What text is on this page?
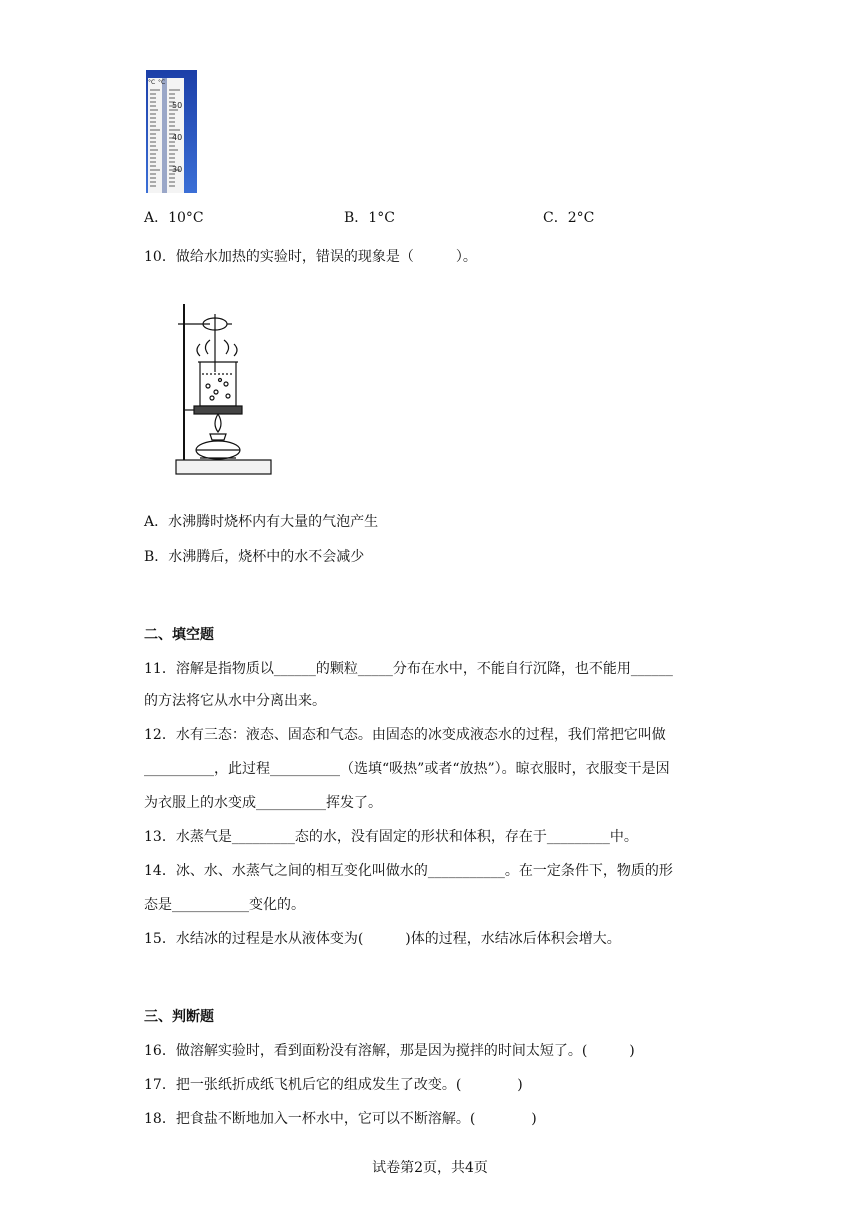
°C °C
50
40
30
A．10°C	B．1°C	C．2°C
10．做给水加热的实验时，错误的现象是（　　　）。
A．水沸腾时烧杯内有大量的气泡产生
B．水沸腾后，烧杯中的水不会减少
二、填空题
11．溶解是指物质以______的颗粒_____分布在水中，不能自行沉降，也不能用______
的方法将它从水中分离出来。
12．水有三态：液态、固态和气态。由固态的冰变成液态水的过程，我们常把它叫做
__________，此过程__________（选填“吸热”或者“放热”）。晾衣服时，衣服变干是因
为衣服上的水变成__________挥发了。
13．水蒸气是_________态的水，没有固定的形状和体积，存在于_________中。
14．冰、水、水蒸气之间的相互变化叫做水的___________。在一定条件下，物质的形
态是___________变化的。
15．水结冰的过程是水从液体变为(　　　)体的过程，水结冰后体积会增大。
三、判断题
16．做溶解实验时，看到面粉没有溶解，那是因为搅拌的时间太短了。(　　　)
17．把一张纸折成纸飞机后它的组成发生了改变。(　　　　)
18．把食盐不断地加入一杯水中，它可以不断溶解。(　　　　)
试卷第2页，共4页
